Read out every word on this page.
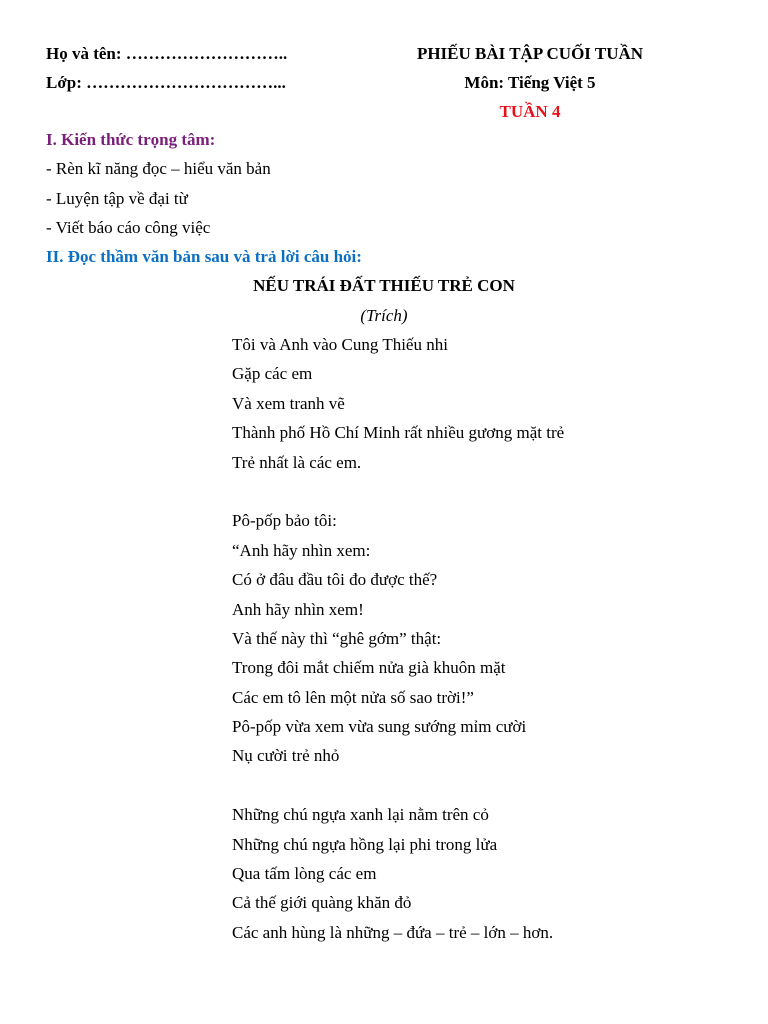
Họ và tên: ………………………..
Lớp: ……………………………...
PHIẾU BÀI TẬP CUỐI TUẦN
Môn: Tiếng Việt 5
TUẦN 4
I. Kiến thức trọng tâm:
- Rèn kĩ năng đọc – hiểu văn bản
- Luyện tập về đại từ
- Viết báo cáo công việc
II. Đọc thầm văn bản sau và trả lời câu hỏi:
NẾU TRÁI ĐẤT THIẾU TRẺ CON
(Trích)
Tôi và Anh vào Cung Thiếu nhi
Gặp các em
Và xem tranh vẽ
Thành phố Hồ Chí Minh rất nhiều gương mặt trẻ
Trẻ nhất là các em.
Pô-pốp bảo tôi:
“Anh hãy nhìn xem:
Có ở đâu đầu tôi đo được thế?
Anh hãy nhìn xem!
Và thế này thì “ghê gớm” thật:
Trong đôi mắt chiếm nửa già khuôn mặt
Các em tô lên một nửa số sao trời!”
Pô-pốp vừa xem vừa sung sướng mỉm cười
Nụ cười trẻ nhỏ
Những chú ngựa xanh lại nằm trên cỏ
Những chú ngựa hồng lại phi trong lửa
Qua tấm lòng các em
Cả thế giới quàng khăn đỏ
Các anh hùng là những – đứa – trẻ – lớn – hơn.
